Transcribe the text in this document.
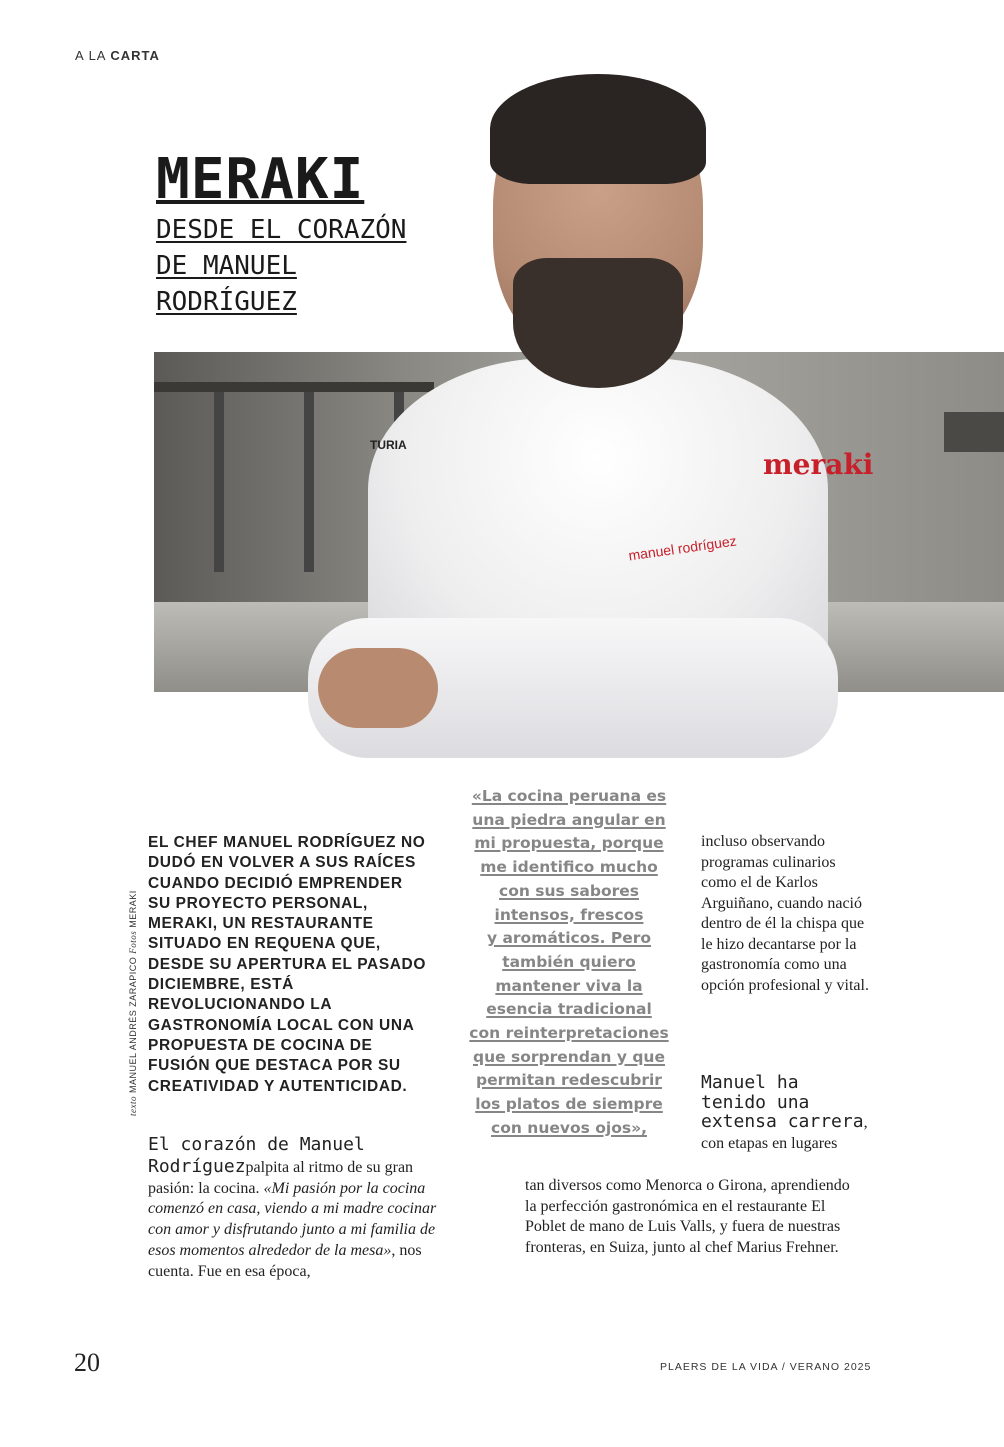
A LA CARTA
TURIA
meraki
manuel rodríguez
MERAKI
DESDE EL CORAZÓN
DE MANUEL
RODRÍGUEZ
texto MANUEL ANDRÉS ZARAPICO Fotos MERAKI

EL CHEF MANUEL RODRÍGUEZ NO DUDÓ EN VOLVER A SUS RAÍCES CUANDO DECIDIÓ EMPRENDER SU PROYECTO PERSONAL, MERAKI, UN RESTAURANTE SITUADO EN REQUENA QUE, DESDE SU APERTURA EL PASADO DICIEMBRE, ESTÁ REVOLUCIONANDO LA GASTRONOMÍA LOCAL CON UNA PROPUESTA DE COCINA DE FUSIÓN QUE DESTACA POR SU CREATIVIDAD Y AUTENTICIDAD.

«La cocina peruana es
una piedra angular en
mi propuesta, porque
me identifico mucho
con sus sabores
intensos, frescos
y aromáticos. Pero
también quiero
mantener viva la
esencia tradicional
con reinterpretaciones
que sorprendan y que
permitan redescubrir
los platos de siempre
con nuevos ojos»,

incluso observando programas culinarios como el de Karlos Arguiñano, cuando nació dentro de él la chispa que le hizo decantarse por la gastronomía como una opción profesional y vital.

Manuel ha tenido una extensa carrera, con etapas en lugares

tan diversos como Menorca o Girona, aprendiendo la perfección gastronómica en el restaurante El Poblet de mano de Luis Valls, y fuera de nuestras fronteras, en Suiza, junto al chef Marius Frehner.

El corazón de Manuel Rodríguezpalpita al ritmo de su gran pasión: la cocina. «Mi pasión por la cocina comenzó en casa, viendo a mi madre cocinar con amor y disfrutando junto a mi familia de esos momentos alrededor de la mesa», nos cuenta. Fue en esa época,

20	PLAERS DE LA VIDA / VERANO 2025
